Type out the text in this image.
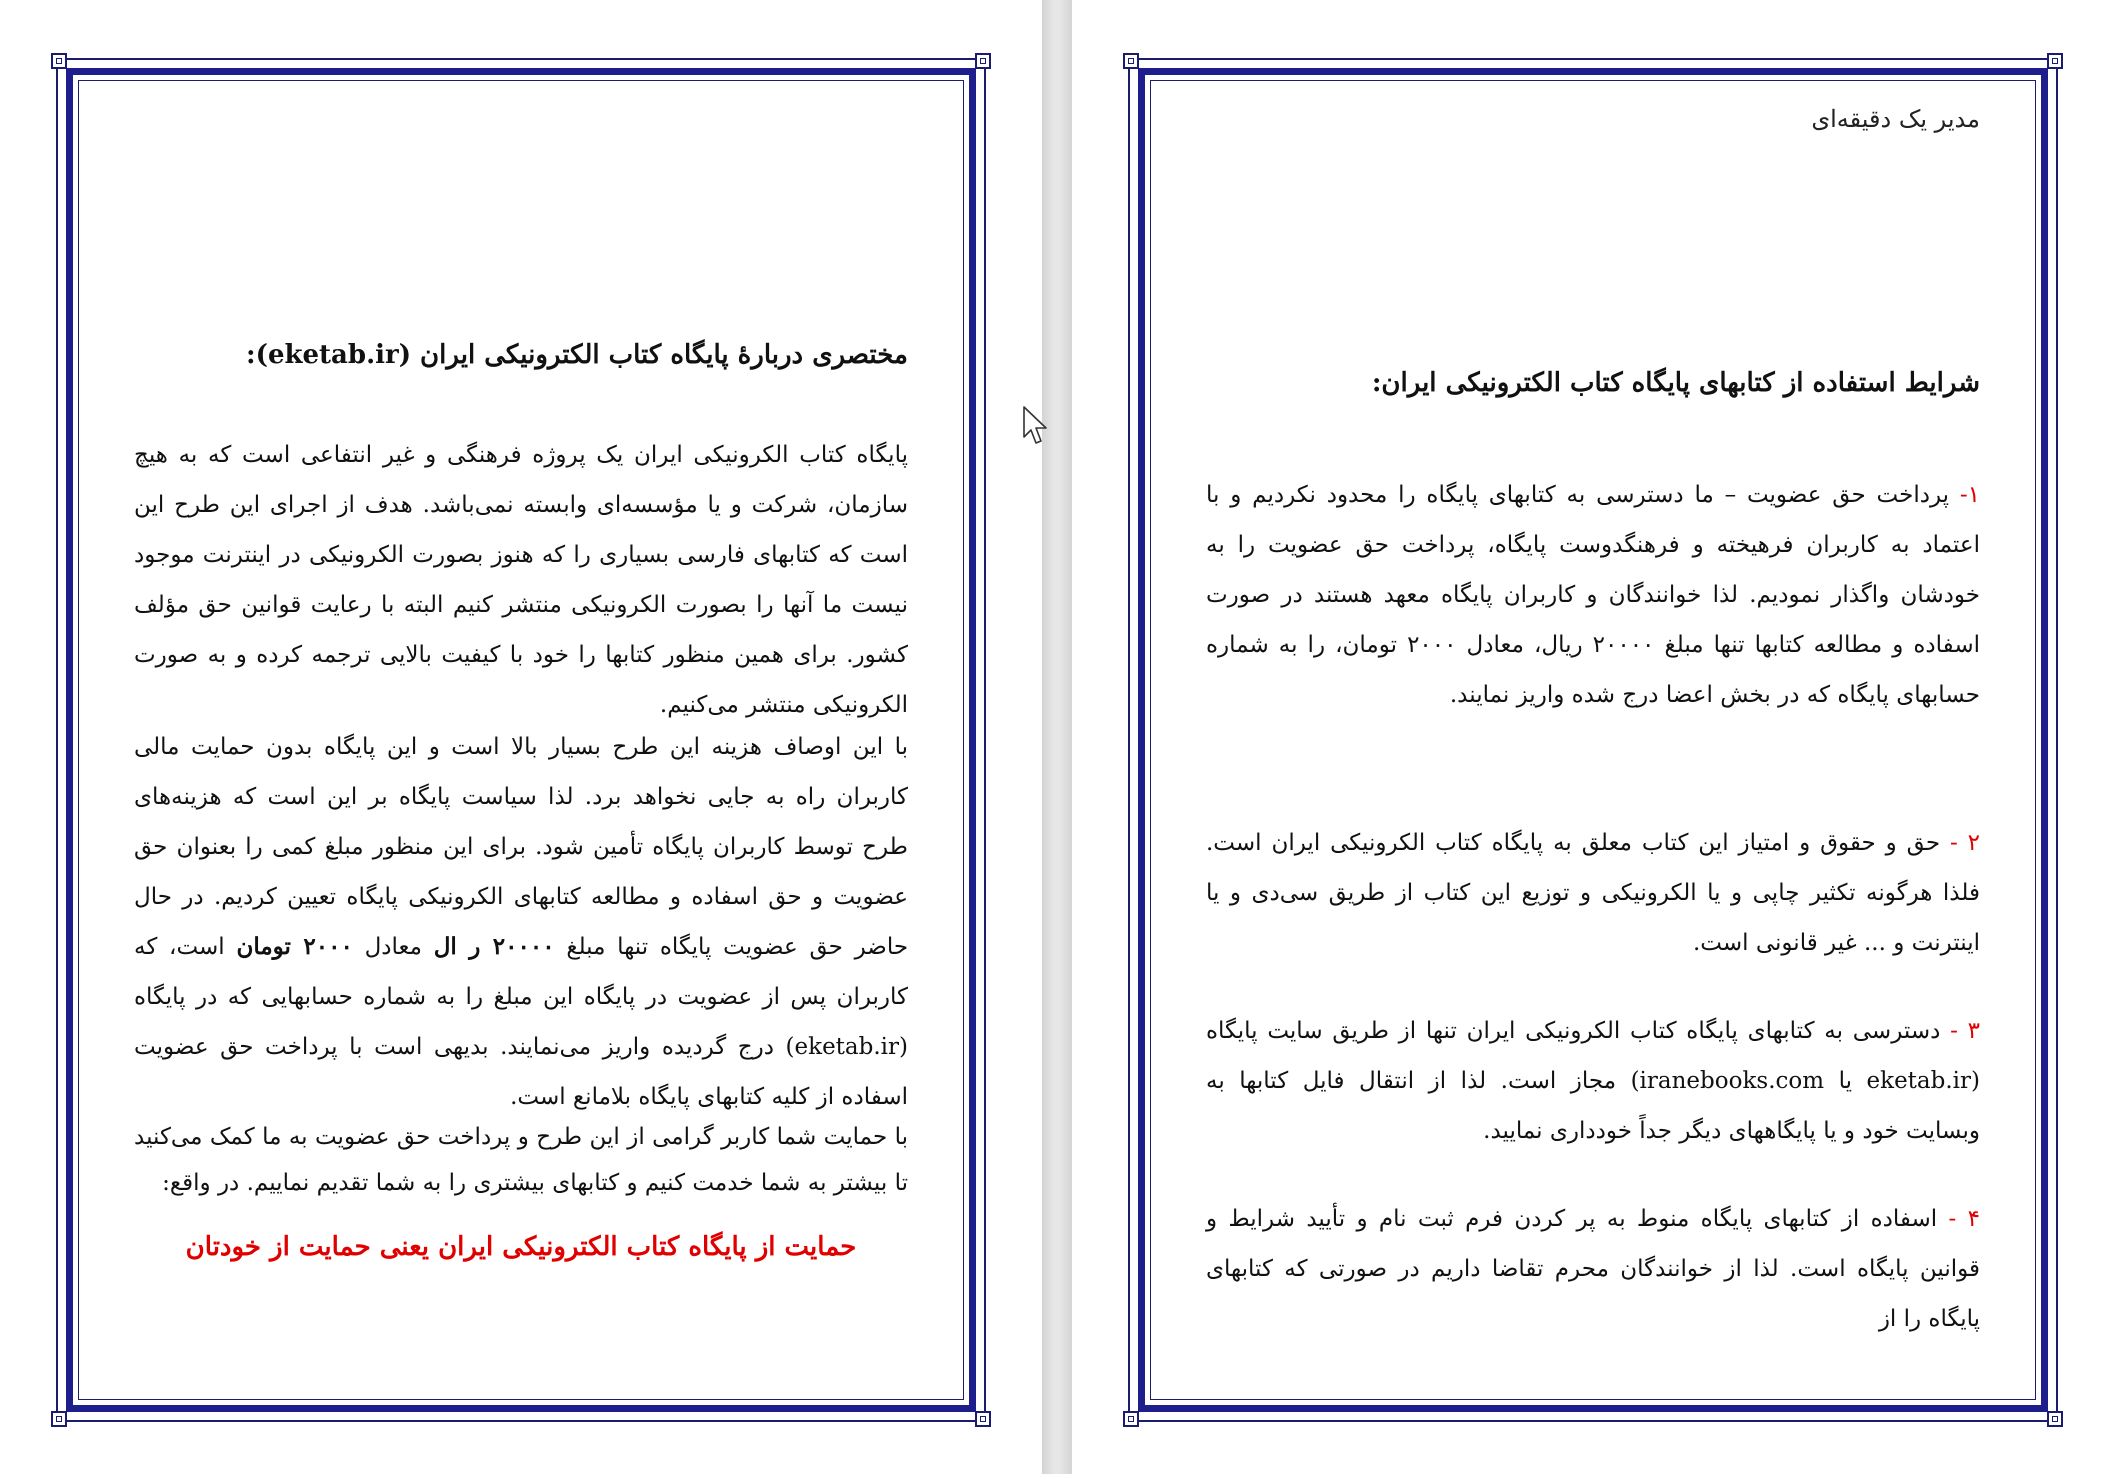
مختصری دربارهٔ پایگاه کتاب الکترونیکی ایران (eketab.ir):
پایگاه کتاب الکرونیکی ایران یک پروژه فرهنگی و غیر انتفاعی است که به هیچ سازمان، شرکت و یا مؤسسه‌ای وابسته نمی‌باشد. هدف از اجرای این طرح این است که کتابهای فارسی بسیاری را که هنوز بصورت الکرونیکی در اینترنت موجود نیست ما آنها را بصورت الکرونیکی منتشر کنیم البته با رعایت قوانین حق مؤلف کشور. برای همین منظور کتابها را خود با کیفیت بالایی ترجمه کرده و به صورت الکرونیکی منتشر می‌کنیم.
با این اوصاف هزینه این طرح بسیار بالا است و این پایگاه بدون حمایت مالی کاربران راه به جایی نخواهد برد. لذا سیاست پایگاه بر این است که هزینه‌های طرح توسط کاربران پایگاه تأمین شود. برای این منظور مبلغ کمی را بعنوان حق عضویت و حق اسفاده و مطالعه کتابهای الکرونیکی پایگاه تعیین کردیم. در حال حاضر حق عضویت پایگاه تنها مبلغ ۲۰۰۰۰ ر ال معادل ۲۰۰۰ تومان است، که کاربران پس از عضویت در پایگاه این مبلغ را به شماره حسابهایی که در پایگاه (eketab.ir) درج گردیده واریز می‌نمایند. بدیهی است با پرداخت حق عضویت اسفاده از کلیه کتابهای پایگاه بلامانع است.
با حمایت شما کاربر گرامی از این طرح و پرداخت حق عضویت به ما کمک می‌کنید تا بیشتر به شما خدمت کنیم و کتابهای بیشتری را به شما تقدیم نماییم. در واقع:
حمایت از پایگاه کتاب الکترونیکی ایران یعنی حمایت از خودتان
مدیر یک دقیقه‌ای
شرایط استفاده از کتابهای پایگاه کتاب الکترونیکی ایران:
۱- پرداخت حق عضویت – ما دسترسی به کتابهای پایگاه را محدود نکردیم و با اعتماد به کاربران فرهیخته و فرهنگدوست پایگاه، پرداخت حق عضویت را به خودشان واگذار نمودیم. لذا خوانندگان و کاربران پایگاه معهد هستند در صورت اسفاده و مطالعه کتابها تنها مبلغ ۲۰۰۰۰ ریال، معادل ۲۰۰۰ تومان، را به شماره حسابهای پایگاه که در بخش اعضا درج شده واریز نمایند.
۲ - حق و حقوق و امتیاز این کتاب معلق به پایگاه کتاب الکرونیکی ایران است. فلذا هرگونه تکثیر چاپی و یا الکرونیکی و توزیع این کتاب از طریق سی‌دی و یا اینترنت و ... غیر قانونی است.
۳ - دسترسی به کتابهای پایگاه کتاب الکرونیکی ایران تنها از طریق سایت پایگاه (eketab.ir یا iranebooks.com) مجاز است. لذا از انتقال فایل کتابها به وبسایت خود و یا پایگاههای دیگر جداً خودداری نمایید.
۴ - اسفاده از کتابهای پایگاه منوط به پر کردن فرم ثبت نام و تأیید شرایط و قوانین پایگاه است. لذا از خوانندگان محرم تقاضا داریم در صورتی که کتابهای پایگاه را از
